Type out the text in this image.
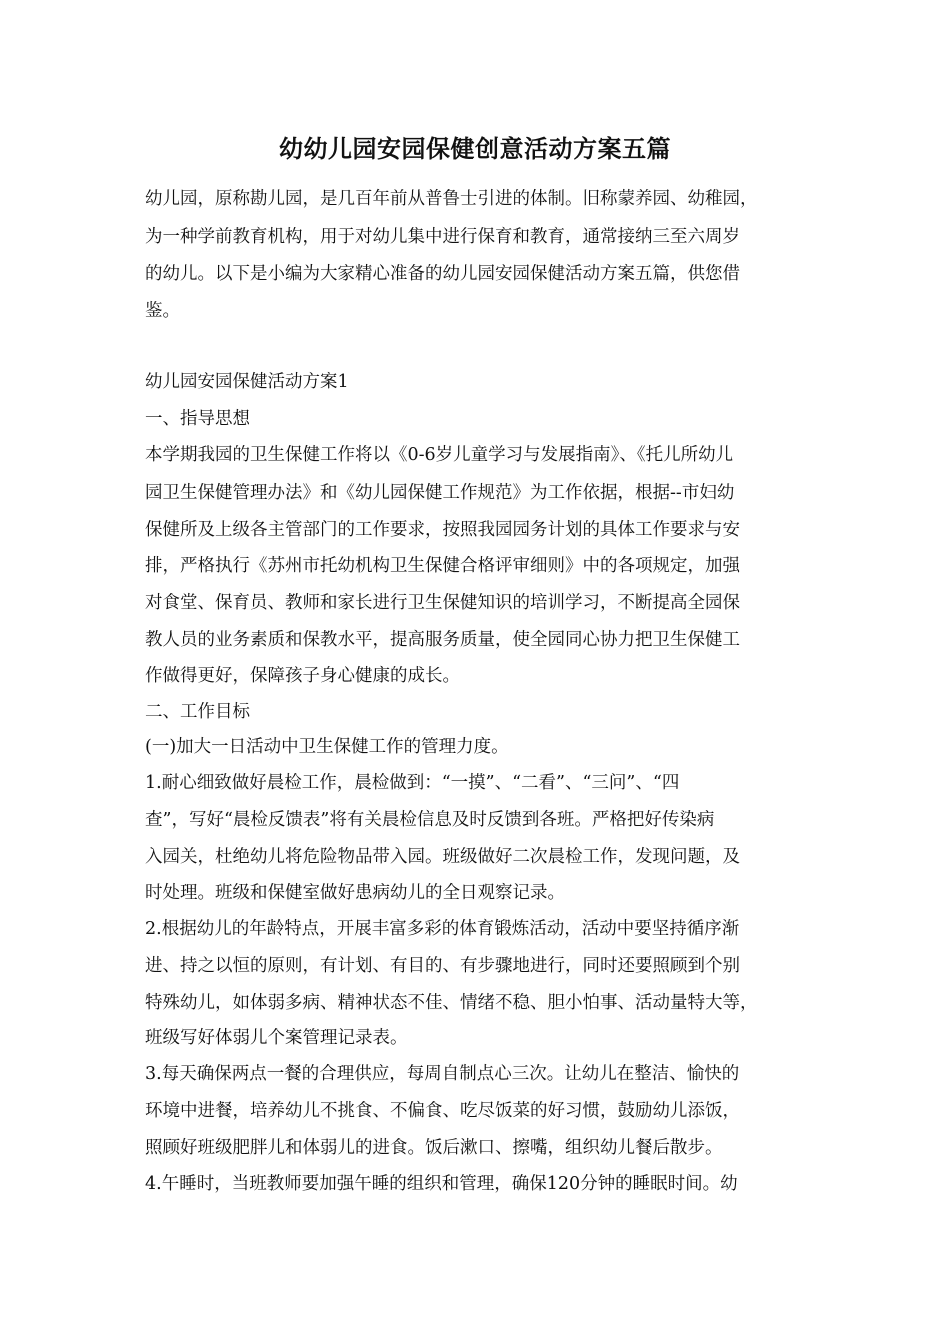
幼幼儿园安园保健创意活动方案五篇
幼儿园，原称勘儿园，是几百年前从普鲁士引进的体制。旧称蒙养园、幼稚园，
为一种学前教育机构，用于对幼儿集中进行保育和教育，通常接纳三至六周岁
的幼儿。以下是小编为大家精心准备的幼儿园安园保健活动方案五篇，供您借
鉴。
幼儿园安园保健活动方案1
一、指导思想
本学期我园的卫生保健工作将以《0-6岁儿童学习与发展指南》、《托儿所幼儿
园卫生保健管理办法》和《幼儿园保健工作规范》为工作依据，根据--市妇幼
保健所及上级各主管部门的工作要求，按照我园园务计划的具体工作要求与安
排，严格执行《苏州市托幼机构卫生保健合格评审细则》中的各项规定，加强
对食堂、保育员、教师和家长进行卫生保健知识的培训学习，不断提高全园保
教人员的业务素质和保教水平，提高服务质量，使全园同心协力把卫生保健工
作做得更好，保障孩子身心健康的成长。
二、工作目标
(一)加大一日活动中卫生保健工作的管理力度。
1.耐心细致做好晨检工作，晨检做到：“一摸”、“二看”、“三问”、“四
查”，写好“晨检反馈表”将有关晨检信息及时反馈到各班。严格把好传染病
入园关，杜绝幼儿将危险物品带入园。班级做好二次晨检工作，发现问题，及
时处理。班级和保健室做好患病幼儿的全日观察记录。
2.根据幼儿的年龄特点，开展丰富多彩的体育锻炼活动，活动中要坚持循序渐
进、持之以恒的原则，有计划、有目的、有步骤地进行，同时还要照顾到个别
特殊幼儿，如体弱多病、精神状态不佳、情绪不稳、胆小怕事、活动量特大等，
班级写好体弱儿个案管理记录表。
3.每天确保两点一餐的合理供应，每周自制点心三次。让幼儿在整洁、愉快的
环境中进餐，培养幼儿不挑食、不偏食、吃尽饭菜的好习惯，鼓励幼儿添饭，
照顾好班级肥胖儿和体弱儿的进食。饭后漱口、擦嘴，组织幼儿餐后散步。
4.午睡时，当班教师要加强午睡的组织和管理，确保120分钟的睡眠时间。幼
